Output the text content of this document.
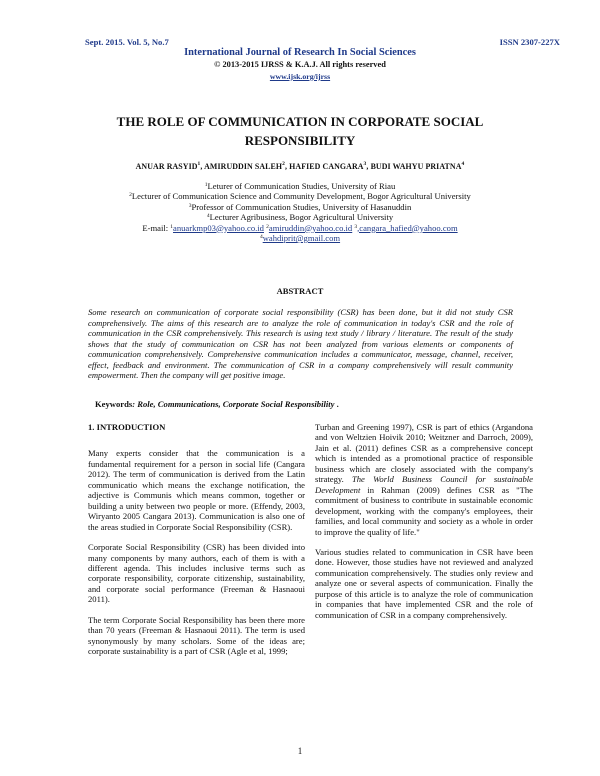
Sept. 2015. Vol. 5, No.7	ISSN 2307-227X
International Journal of Research In Social Sciences
© 2013-2015 IJRSS & K.A.J. All rights reserved
www.ijsk.org/ijrss
THE ROLE OF COMMUNICATION IN CORPORATE SOCIAL RESPONSIBILITY
ANUAR RASYID$^1$, AMIRUDDIN SALEH$^2$, HAFIED CANGARA$^3$, BUDI WAHYU PRIATNA$^4$
$^1$Leturer of Communication Studies, University of Riau
$^2$Lecturer of Communication Science and Community Development, Bogor Agricultural University
$^3$Professor of Communication Studies, University of Hasanuddin
$^4$Lecturer Agribusiness, Bogor Agricultural University
E-mail: $^1$anuarkmp03@yahoo.co.id $^2$amiruddin@yahoo.co.id $^3$,cangara_hafied@yahoo.com
$^4$wahdiprit@gmail.com
ABSTRACT
Some research on communication of corporate social responsibility (CSR) has been done, but it did not study CSR comprehensively. The aims of this research are to analyze the role of communication in today's CSR and the role of communication in the CSR comprehensively. This research is using text study / library / literature. The result of the study shows that the study of communication on CSR has not been analyzed from various elements or components of communication comprehensively. Comprehensive communication includes a communicator, message, channel, receiver, effect, feedback and environment. The communication of CSR in a company comprehensively will result community empowerment. Then the company will get positive image.
Keywords: Role, Communications, Corporate Social Responsibility .

1. INTRODUCTION

Many experts consider that the communication is a fundamental requirement for a person in social life (Cangara 2012). The term of communication is derived from the Latin communicatio which means the exchange notification, the adjective is Communis which means common, together or building a unity between two people or more. (Effendy, 2003, Wiryanto 2005 Cangara 2013). Communication is also one of the areas studied in Corporate Social Responsibility (CSR).

Corporate Social Responsibility (CSR) has been divided into many components by many authors, each of them is with a different agenda. This includes inclusive terms such as corporate responsibility, corporate citizenship, sustainability, and corporate social performance (Freeman & Hasnaoui 2011).

The term Corporate Social Responsibility has been there more than 70 years (Freeman & Hasnaoui 2011). The term is used synonymously by many scholars. Some of the ideas are; corporate sustainability is a part of CSR (Agle et al, 1999;

Turban and Greening 1997), CSR is part of ethics (Argandona and von Weltzien Hoivik 2010; Weitzner and Darroch, 2009), Jain et al. (2011) defines CSR as a comprehensive concept which is intended as a promotional practice of responsible business which are closely associated with the company's strategy. The World Business Council for sustainable Development in Rahman (2009) defines CSR as "The commitment of business to contribute in sustainable economic development, working with the company's employees, their families, and local community and society as a whole in order to improve the quality of life."

Various studies related to communication in CSR have been done. However, those studies have not reviewed and analyzed communication comprehensively. The studies only review and analyze one or several aspects of communication. Finally the purpose of this article is to analyze the role of communication in companies that have implemented CSR and the role of communication of CSR in a company comprehensively.

1
